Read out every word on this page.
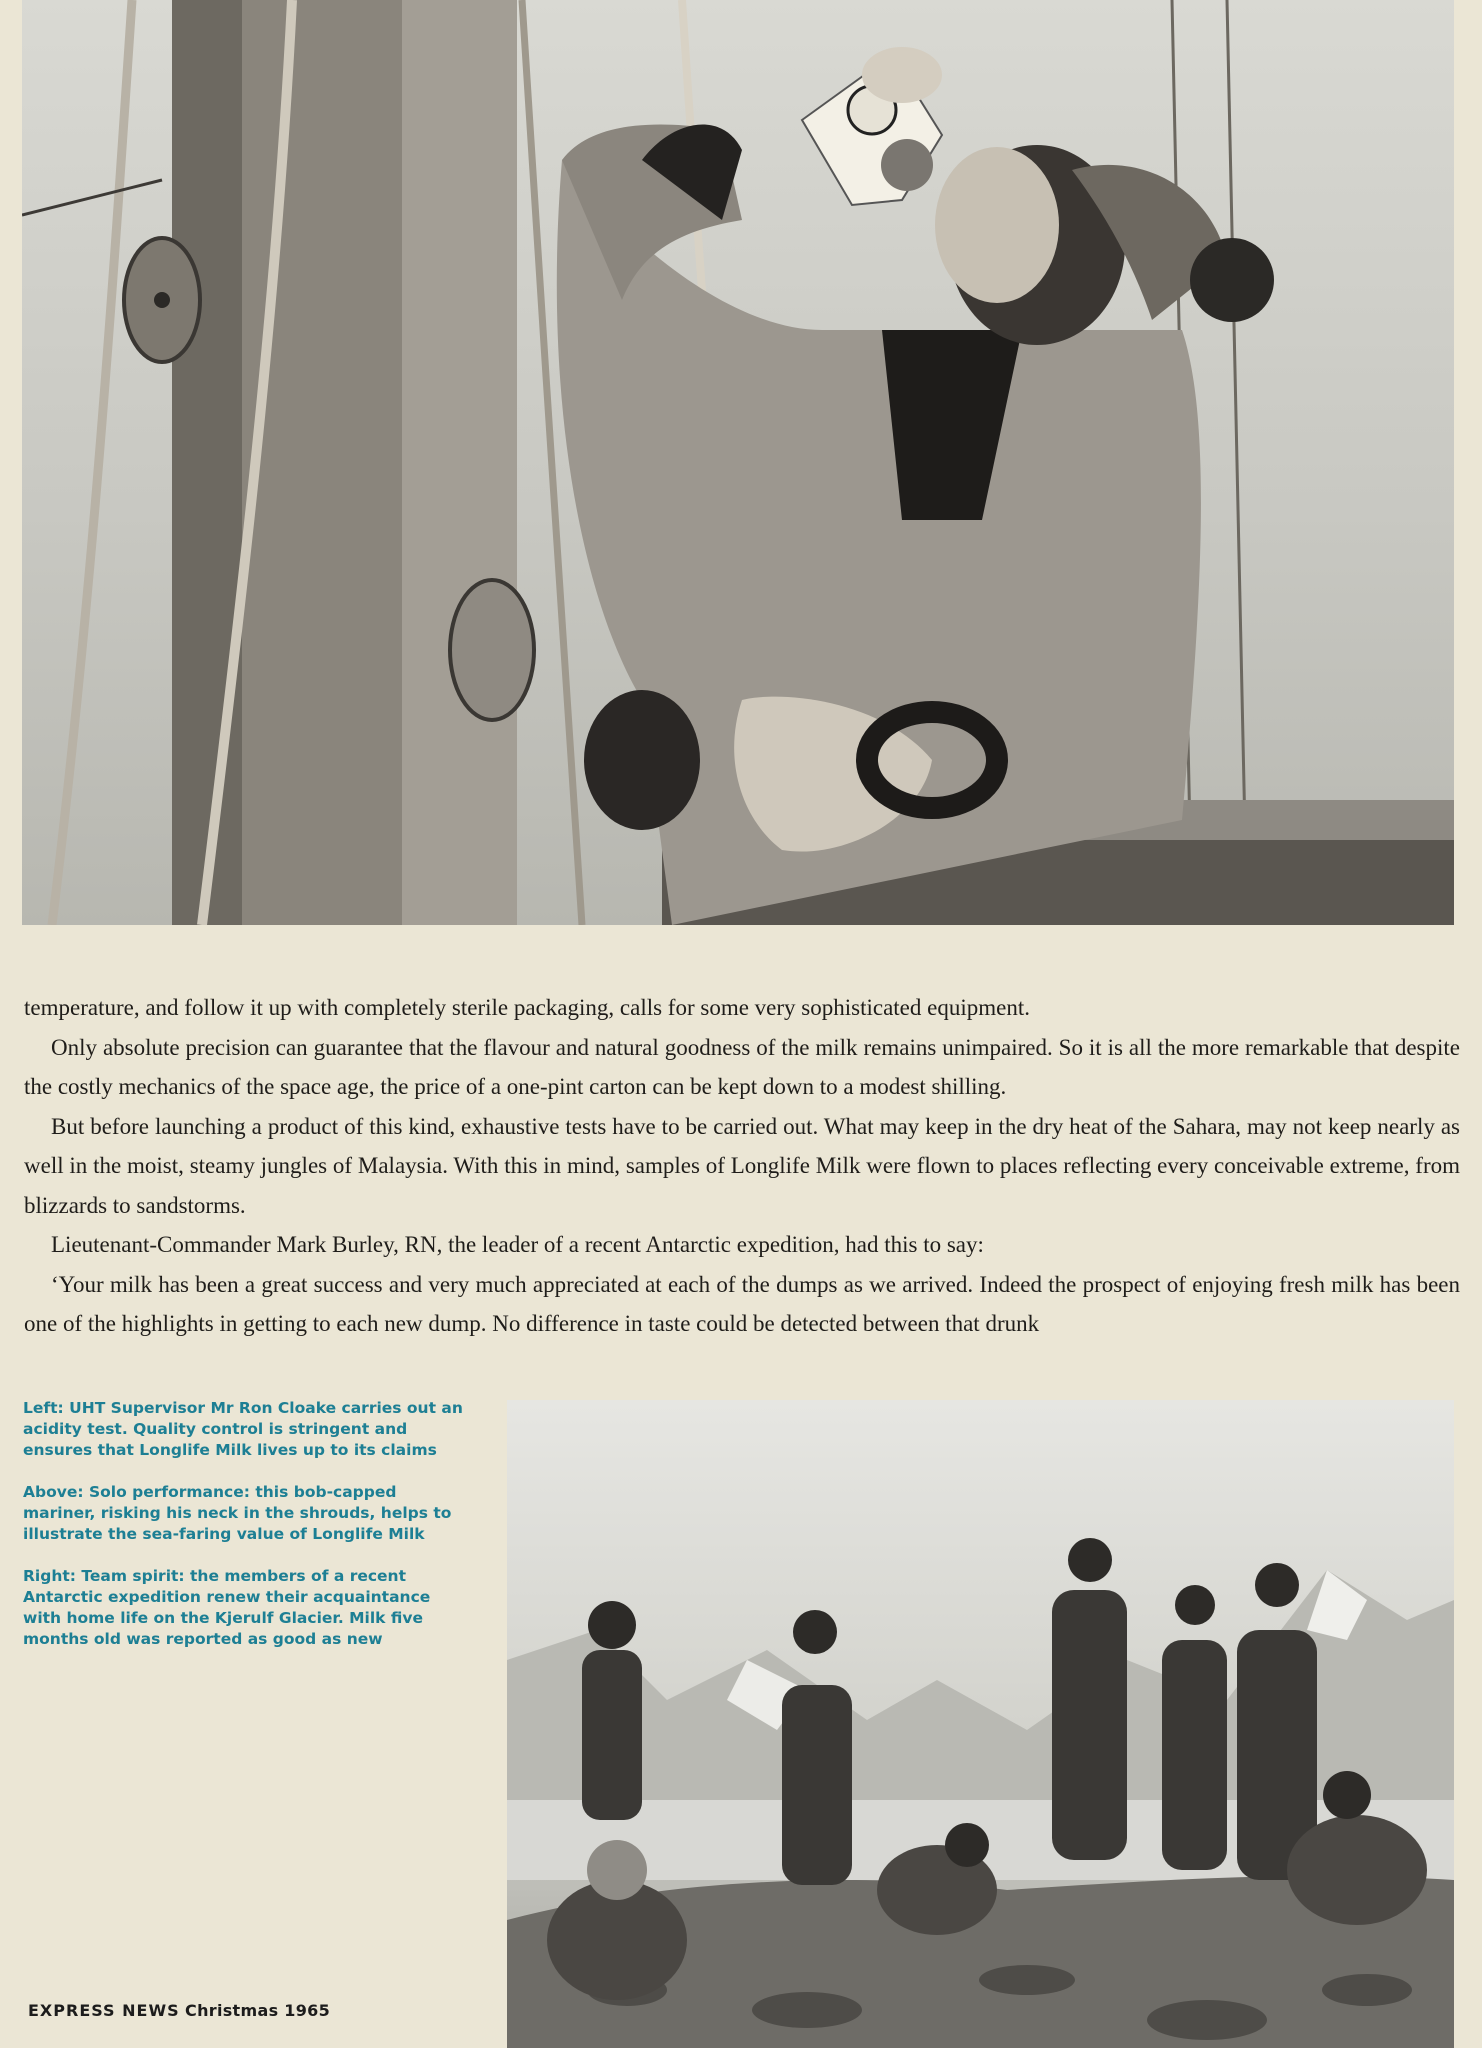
temperature, and follow it up with completely sterile packaging, calls for some very sophisticated equipment.

Only absolute precision can guarantee that the flavour and natural goodness of the milk remains unimpaired. So it is all the more remarkable that despite the costly mechanics of the space age, the price of a one-pint carton can be kept down to a modest shilling.

But before launching a product of this kind, exhaustive tests have to be carried out. What may keep in the dry heat of the Sahara, may not keep nearly as well in the moist, steamy jungles of Malaysia. With this in mind, samples of Longlife Milk were flown to places reflecting every conceivable extreme, from blizzards to sandstorms.

Lieutenant-Commander Mark Burley, RN, the leader of a recent Antarctic expedition, had this to say:

‘Your milk has been a great success and very much appreciated at each of the dumps as we arrived. Indeed the prospect of enjoying fresh milk has been one of the highlights in getting to each new dump. No difference in taste could be detected between that drunk

Left: UHT Supervisor Mr Ron Cloake carries out an acidity test. Quality control is stringent and ensures that Longlife Milk lives up to its claims

Above: Solo performance: this bob-capped mariner, risking his neck in the shrouds, helps to illustrate the sea-faring value of Longlife Milk

Right: Team spirit: the members of a recent Antarctic expedition renew their acquaintance with home life on the Kjerulf Glacier. Milk five months old was reported as good as new

EXPRESS NEWS Christmas 1965
